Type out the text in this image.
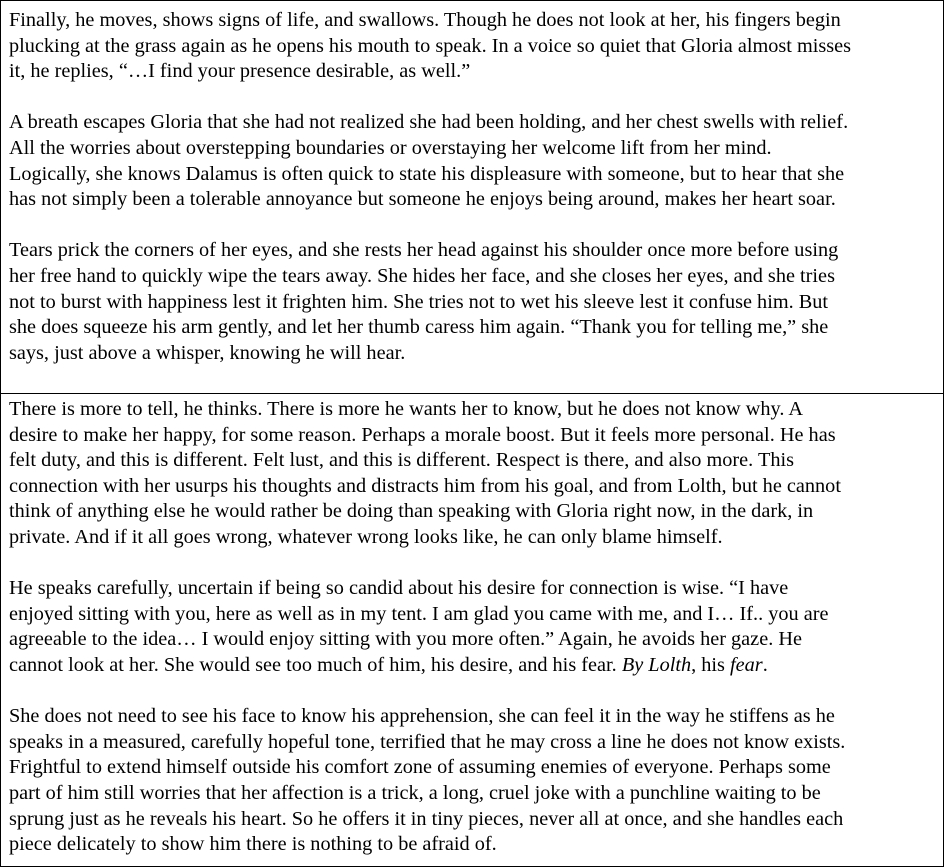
Finally, he moves, shows signs of life, and swallows. Though he does not look at her, his fingers begin
plucking at the grass again as he opens his mouth to speak. In a voice so quiet that Gloria almost misses
it, he replies, “…I find your presence desirable, as well.”

A breath escapes Gloria that she had not realized she had been holding, and her chest swells with relief.
All the worries about overstepping boundaries or overstaying her welcome lift from her mind.
Logically, she knows Dalamus is often quick to state his displeasure with someone, but to hear that she
has not simply been a tolerable annoyance but someone he enjoys being around, makes her heart soar.

Tears prick the corners of her eyes, and she rests her head against his shoulder once more before using
her free hand to quickly wipe the tears away. She hides her face, and she closes her eyes, and she tries
not to burst with happiness lest it frighten him. She tries not to wet his sleeve lest it confuse him. But
she does squeeze his arm gently, and let her thumb caress him again. “Thank you for telling me,” she
says, just above a whisper, knowing he will hear.

There is more to tell, he thinks. There is more he wants her to know, but he does not know why. A
desire to make her happy, for some reason. Perhaps a morale boost. But it feels more personal. He has
felt duty, and this is different. Felt lust, and this is different. Respect is there, and also more. This
connection with her usurps his thoughts and distracts him from his goal, and from Lolth, but he cannot
think of anything else he would rather be doing than speaking with Gloria right now, in the dark, in
private. And if it all goes wrong, whatever wrong looks like, he can only blame himself.

He speaks carefully, uncertain if being so candid about his desire for connection is wise. “I have
enjoyed sitting with you, here as well as in my tent. I am glad you came with me, and I… If.. you are
agreeable to the idea… I would enjoy sitting with you more often.” Again, he avoids her gaze. He
cannot look at her. She would see too much of him, his desire, and his fear. By Lolth, his fear.

She does not need to see his face to know his apprehension, she can feel it in the way he stiffens as he
speaks in a measured, carefully hopeful tone, terrified that he may cross a line he does not know exists.
Frightful to extend himself outside his comfort zone of assuming enemies of everyone. Perhaps some
part of him still worries that her affection is a trick, a long, cruel joke with a punchline waiting to be
sprung just as he reveals his heart. So he offers it in tiny pieces, never all at once, and she handles each
piece delicately to show him there is nothing to be afraid of.
